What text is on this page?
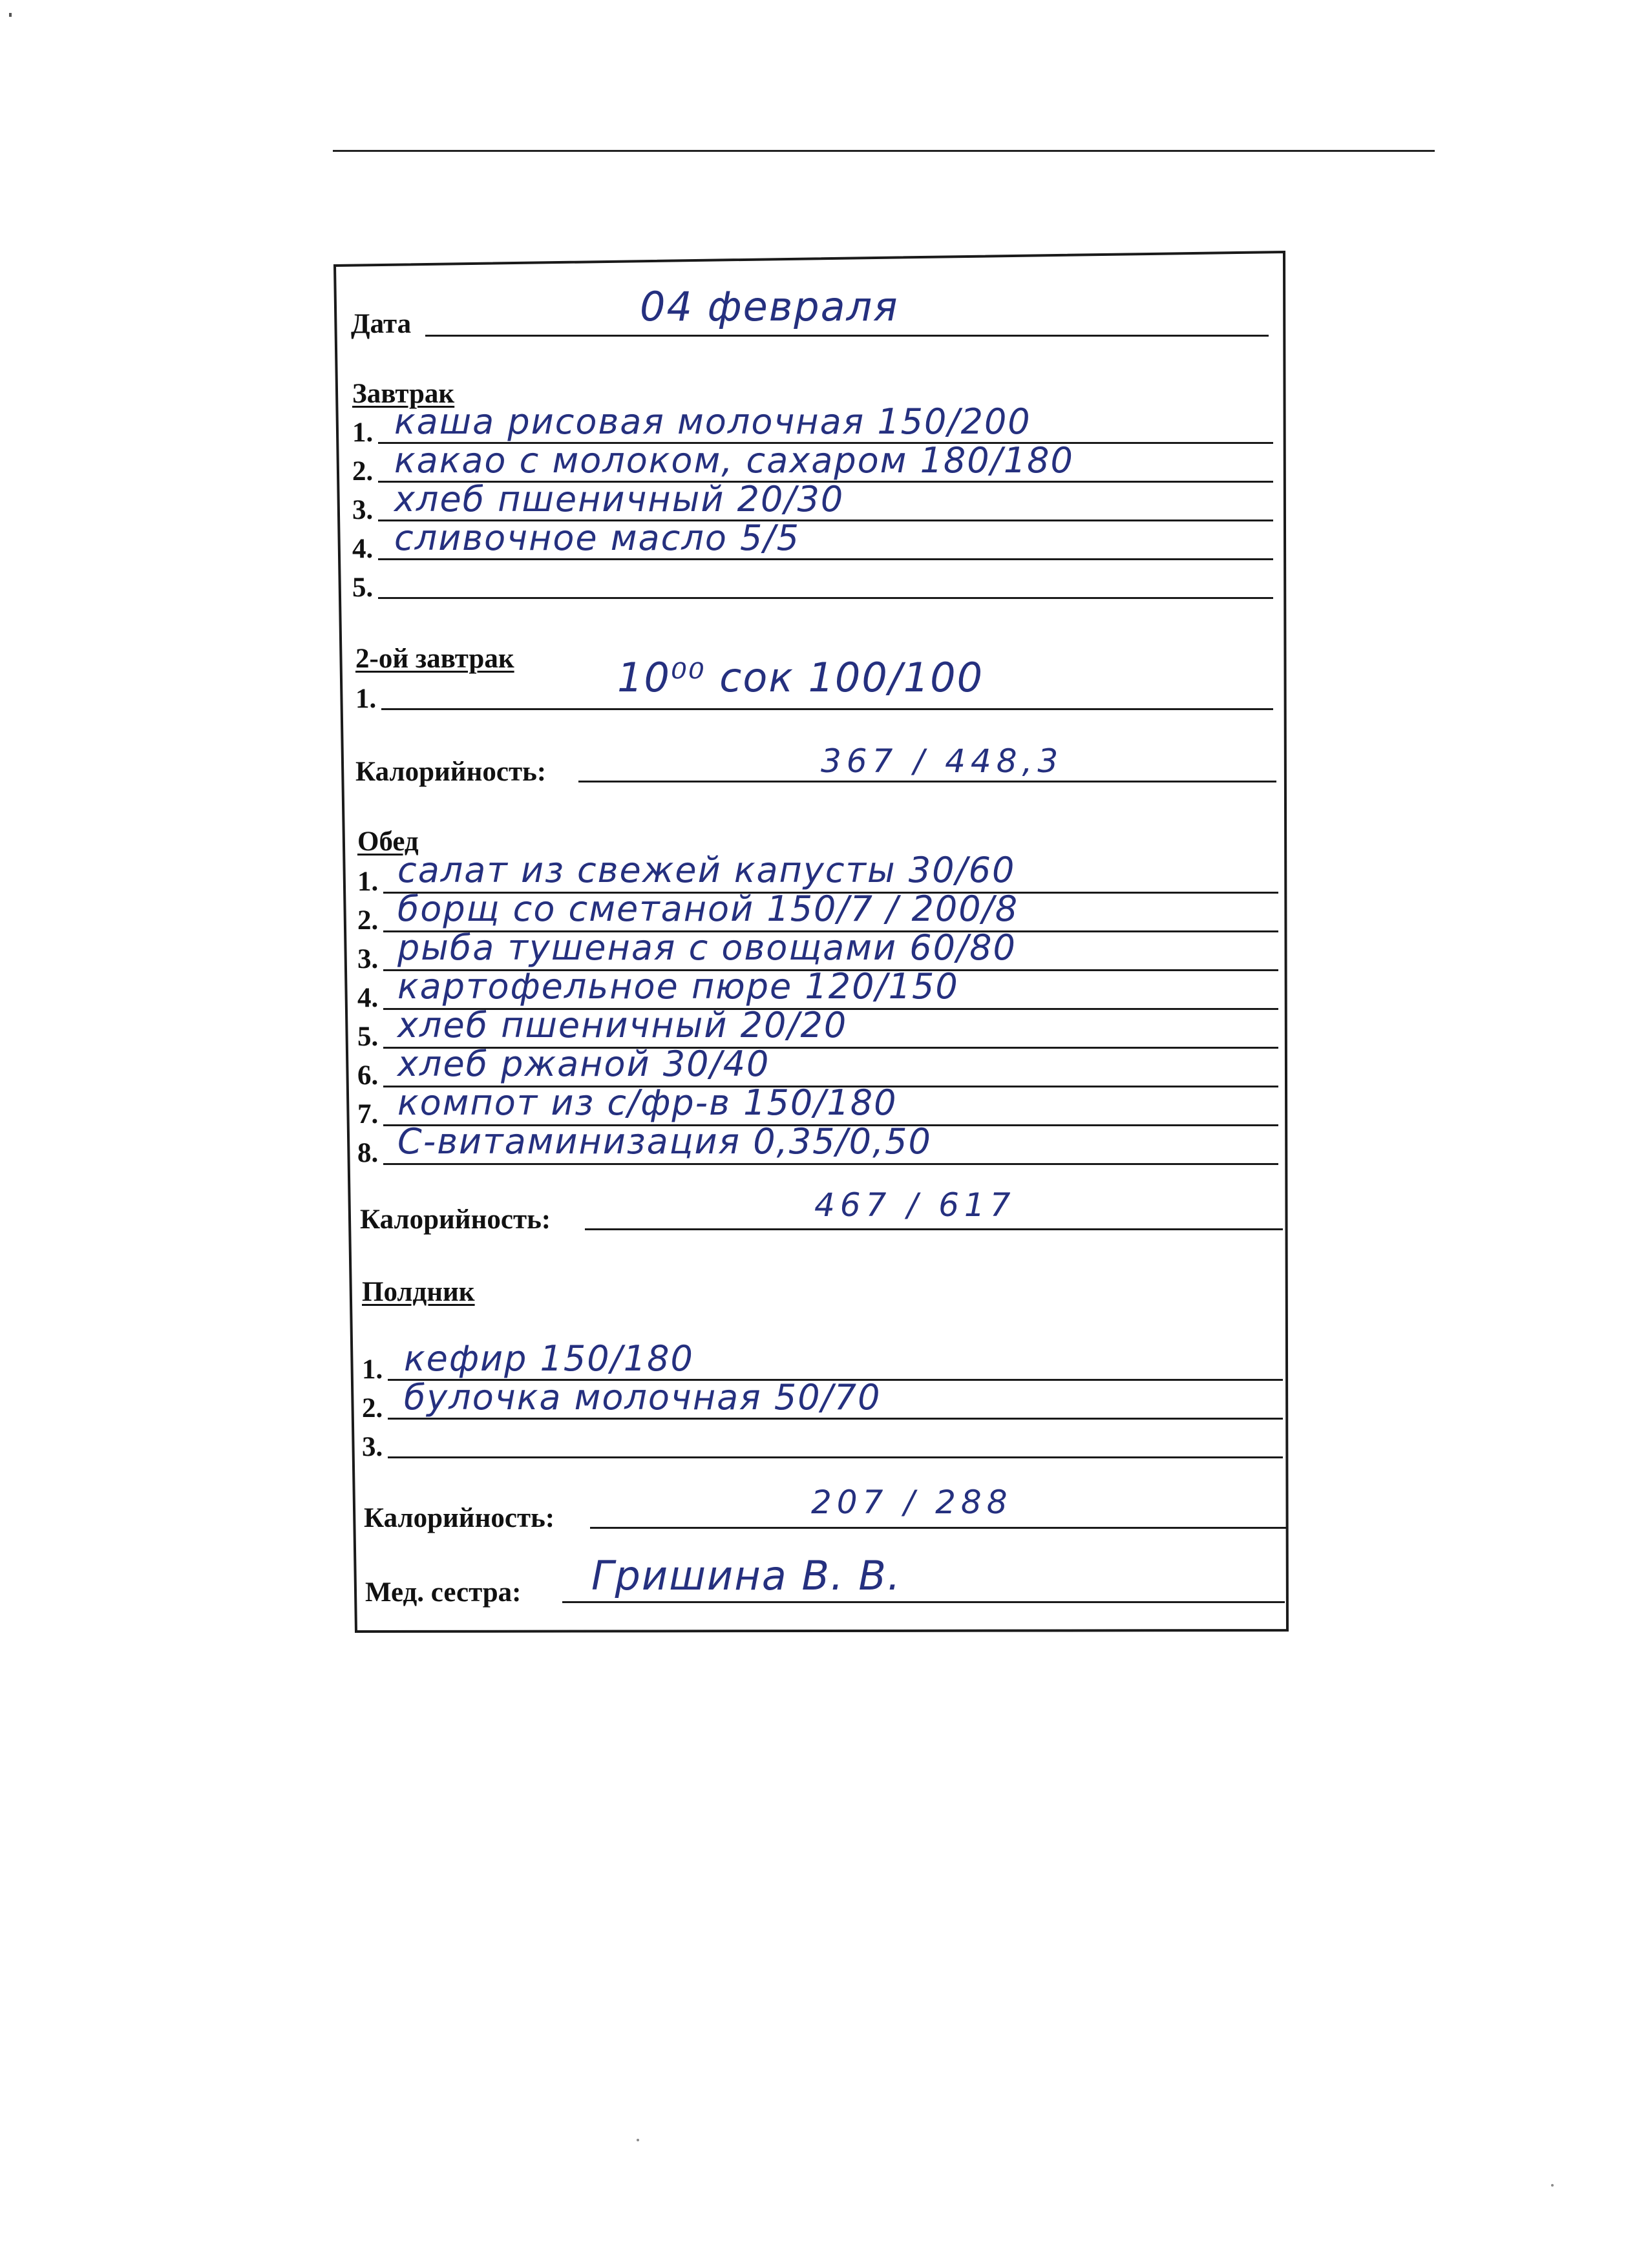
Дата	04 февраля
Завтрак
1. каша рисовая молочная 150/200
2. какао с молоком, сахаром 180/180
3. хлеб пшеничный 20/30
4. сливочное масло 5/5
5.
2-ой завтрак
1.	10⁰⁰ сок 100/100
Калорийность:	367 / 448,3
Обед
1. салат из свежей капусты 30/60
2. борщ со сметаной 150/7 / 200/8
3. рыба тушеная с овощами 60/80
4. картофельное пюре 120/150
5. хлеб пшеничный 20/20
6. хлеб ржаной 30/40
7. компот из с/фр-в 150/180
8. С-витаминизация 0,35/0,50
Калорийность:	467 / 617
Полдник
1. кефир 150/180
2. булочка молочная 50/70
3.
Калорийность:	207 / 288
Мед. сестра: Гришина В. В.
